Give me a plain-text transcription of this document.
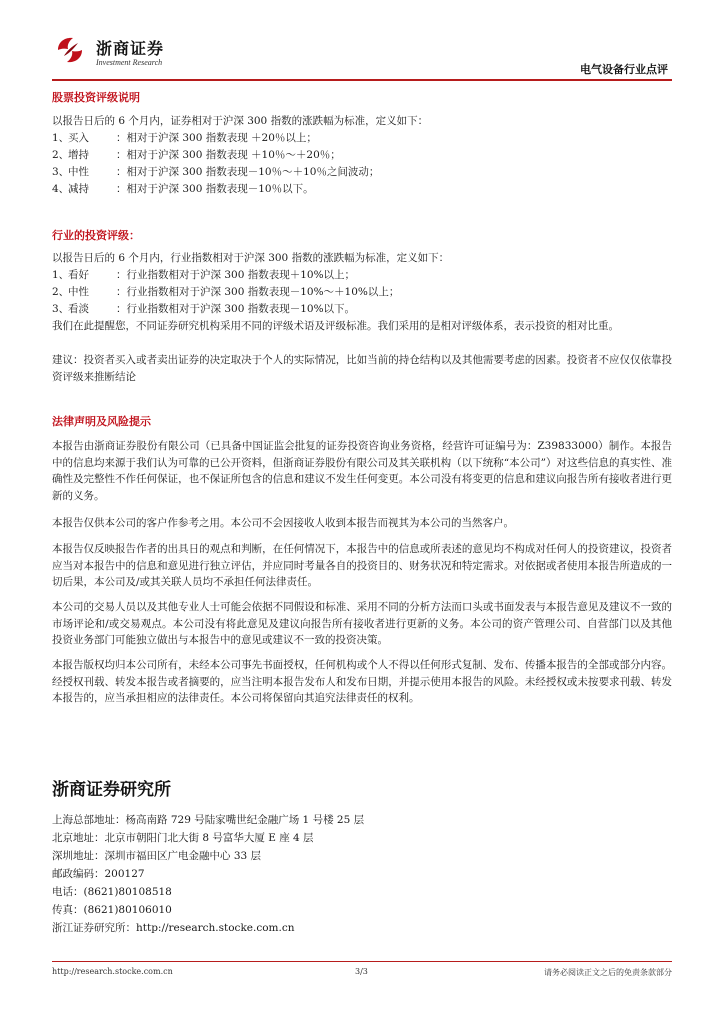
浙商证券
Investment Research
电气设备行业点评
股票投资评级说明
以报告日后的 6 个月内，证券相对于沪深 300 指数的涨跌幅为标准，定义如下：
1、买入	：相对于沪深 300 指数表现 ＋20％以上；
2、增持	：相对于沪深 300 指数表现 ＋10％～＋20％；
3、中性	：相对于沪深 300 指数表现－10％～＋10％之间波动；
4、减持	：相对于沪深 300 指数表现－10％以下。
行业的投资评级：
以报告日后的 6 个月内，行业指数相对于沪深 300 指数的涨跌幅为标准，定义如下：
1、看好	：行业指数相对于沪深 300 指数表现＋10%以上；
2、中性	：行业指数相对于沪深 300 指数表现－10%～＋10%以上；
3、看淡	：行业指数相对于沪深 300 指数表现－10%以下。
我们在此提醒您，不同证券研究机构采用不同的评级术语及评级标准。我们采用的是相对评级体系，表示投资的相对比重。
建议：投资者买入或者卖出证券的决定取决于个人的实际情况，比如当前的持仓结构以及其他需要考虑的因素。投资者不应仅仅依靠投资评级来推断结论
法律声明及风险提示
本报告由浙商证券股份有限公司（已具备中国证监会批复的证券投资咨询业务资格，经营许可证编号为：Z39833000）制作。本报告中的信息均来源于我们认为可靠的已公开资料，但浙商证券股份有限公司及其关联机构（以下统称“本公司”）对这些信息的真实性、准确性及完整性不作任何保证，也不保证所包含的信息和建议不发生任何变更。本公司没有将变更的信息和建议向报告所有接收者进行更新的义务。
本报告仅供本公司的客户作参考之用。本公司不会因接收人收到本报告而视其为本公司的当然客户。
本报告仅反映报告作者的出具日的观点和判断，在任何情况下，本报告中的信息或所表述的意见均不构成对任何人的投资建议，投资者应当对本报告中的信息和意见进行独立评估，并应同时考量各自的投资目的、财务状况和特定需求。对依据或者使用本报告所造成的一切后果，本公司及/或其关联人员均不承担任何法律责任。
本公司的交易人员以及其他专业人士可能会依据不同假设和标准、采用不同的分析方法而口头或书面发表与本报告意见及建议不一致的市场评论和/或交易观点。本公司没有将此意见及建议向报告所有接收者进行更新的义务。本公司的资产管理公司、自营部门以及其他投资业务部门可能独立做出与本报告中的意见或建议不一致的投资决策。
本报告版权均归本公司所有，未经本公司事先书面授权，任何机构或个人不得以任何形式复制、发布、传播本报告的全部或部分内容。经授权刊载、转发本报告或者摘要的，应当注明本报告发布人和发布日期，并提示使用本报告的风险。未经授权或未按要求刊载、转发本报告的，应当承担相应的法律责任。本公司将保留向其追究法律责任的权利。
浙商证券研究所
上海总部地址：杨高南路 729 号陆家嘴世纪金融广场 1 号楼 25 层
北京地址：北京市朝阳门北大街 8 号富华大厦 E 座 4 层
深圳地址：深圳市福田区广电金融中心 33 层
邮政编码：200127
电话：(8621)80108518
传真：(8621)80106010
浙江证券研究所：http://research.stocke.com.cn
http://research.stocke.com.cn	3/3	请务必阅读正文之后的免责条款部分
